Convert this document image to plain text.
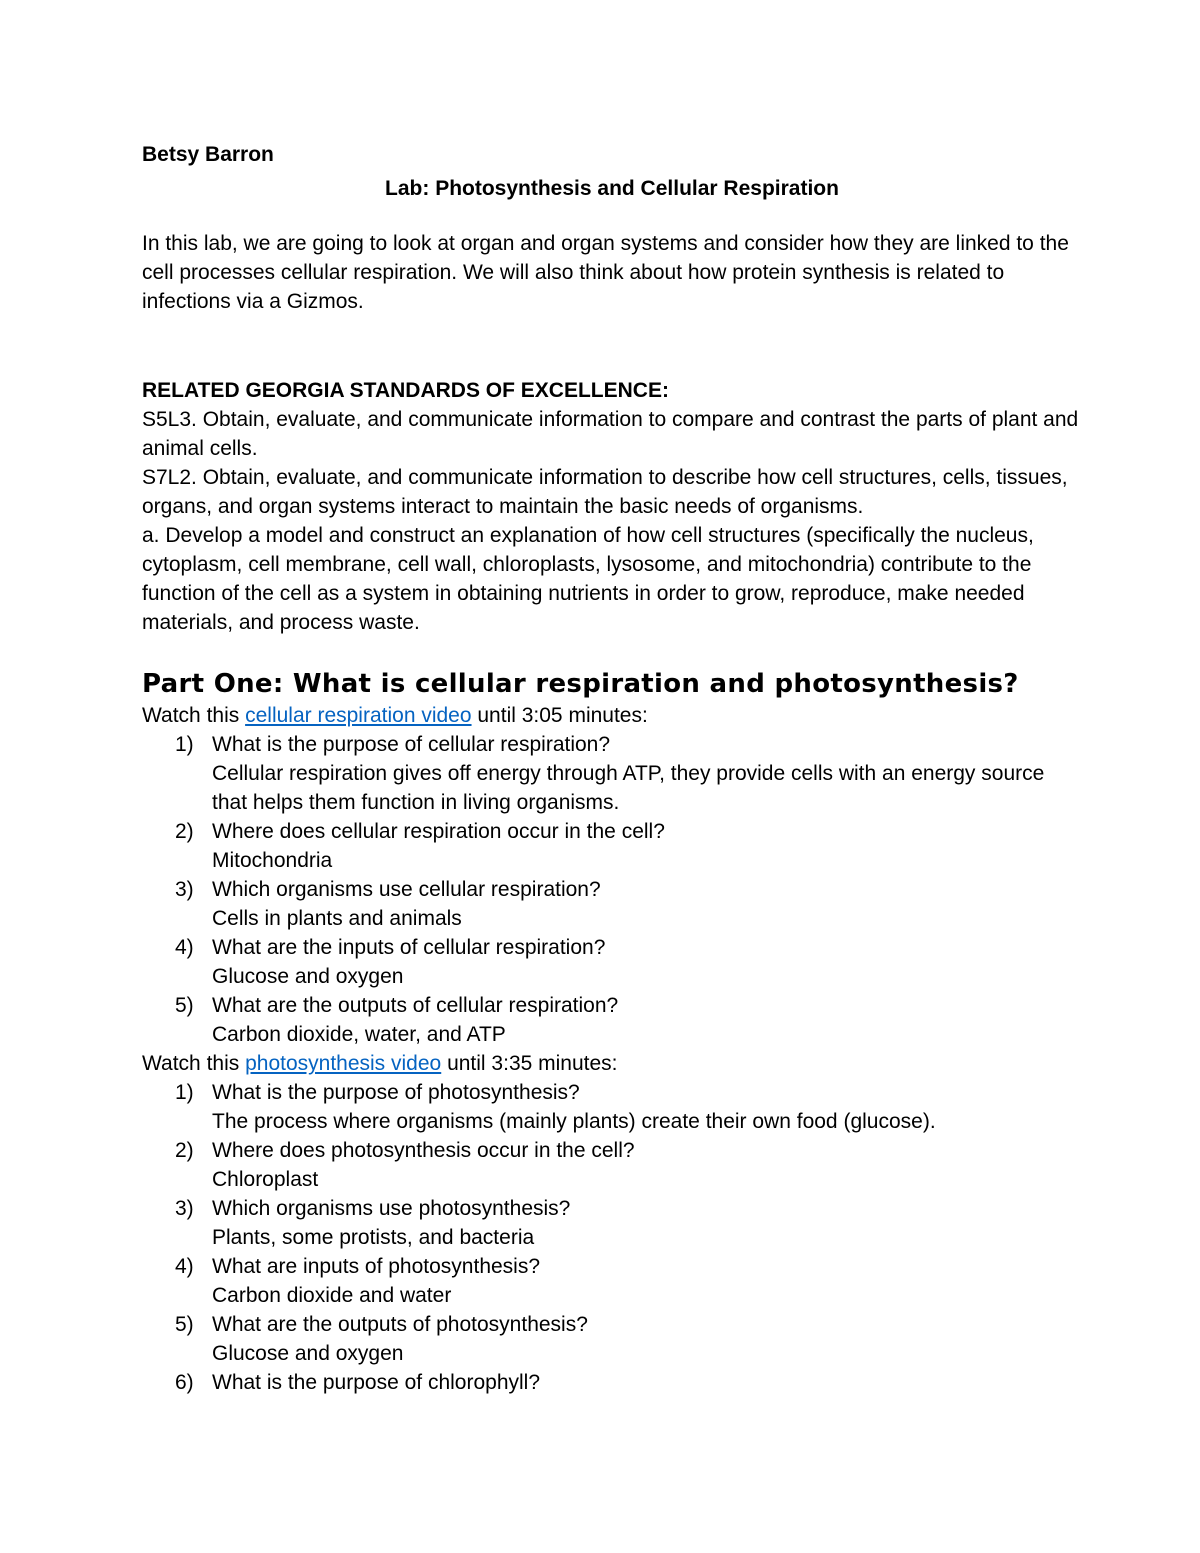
Betsy Barron

Lab: Photosynthesis and Cellular Respiration

In this lab, we are going to look at organ and organ systems and consider how they are linked to the cell processes cellular respiration. We will also think about how protein synthesis is related to infections via a Gizmos.

RELATED GEORGIA STANDARDS OF EXCELLENCE:

S5L3. Obtain, evaluate, and communicate information to compare and contrast the parts of plant and animal cells.

S7L2. Obtain, evaluate, and communicate information to describe how cell structures, cells, tissues, organs, and organ systems interact to maintain the basic needs of organisms.

a. Develop a model and construct an explanation of how cell structures (specifically the nucleus, cytoplasm, cell membrane, cell wall, chloroplasts, lysosome, and mitochondria) contribute to the function of the cell as a system in obtaining nutrients in order to grow, reproduce, make needed materials, and process waste.

Part One: What is cellular respiration and photosynthesis?

Watch this cellular respiration video until 3:05 minutes:

1) What is the purpose of cellular respiration?
Cellular respiration gives off energy through ATP, they provide cells with an energy source that helps them function in living organisms.
2) Where does cellular respiration occur in the cell?
Mitochondria
3) Which organisms use cellular respiration?
Cells in plants and animals
4) What are the inputs of cellular respiration?
Glucose and oxygen
5) What are the outputs of cellular respiration?
Carbon dioxide, water, and ATP

Watch this photosynthesis video until 3:35 minutes:

1) What is the purpose of photosynthesis?
The process where organisms (mainly plants) create their own food (glucose).
2) Where does photosynthesis occur in the cell?
Chloroplast
3) Which organisms use photosynthesis?
Plants, some protists, and bacteria
4) What are inputs of photosynthesis?
Carbon dioxide and water
5) What are the outputs of photosynthesis?
Glucose and oxygen
6) What is the purpose of chlorophyll?
